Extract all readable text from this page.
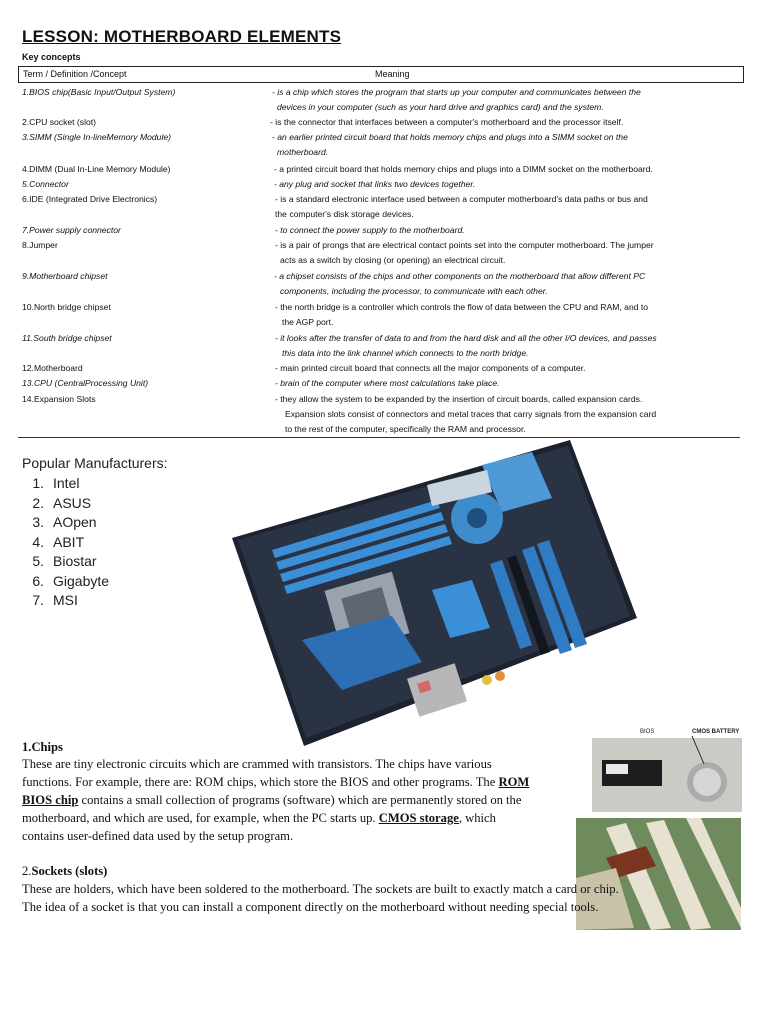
LESSON: MOTHERBOARD ELEMENTS
Key concepts
Term / Definition /Concept	Meaning
1.BIOS chip(Basic Input/Output System)	- is a chip which stores the program that starts up your computer and communicates between the
devices in your computer (such as your hard drive and graphics card) and the system.
2.CPU socket (slot)	- is the connector that interfaces between a computer's motherboard and the processor itself.
3.SIMM (Single In-lineMemory Module)	- an earlier printed circuit board that holds memory chips and plugs into a SIMM socket on the
motherboard.
4.DIMM (Dual In-Line Memory Module)	- a printed circuit board that holds memory chips and plugs into a DIMM socket on the motherboard.
5.Connector	- any plug and socket that links two devices together.
6.IDE (Integrated Drive Electronics)	- is a standard electronic interface used between a computer motherboard's data paths or bus and
the computer's disk storage devices.
7.Power supply connector	- to connect the power supply to the motherboard.
8.Jumper	- is a pair of prongs that are electrical contact points set into the computer motherboard. The jumper
acts as a switch by closing (or opening) an electrical circuit.
9.Motherboard chipset	- a chipset consists of the chips and other components on the motherboard that allow different PC
components, including the processor, to communicate with each other.
10.North bridge chipset	- the north bridge is a controller which controls the flow of data between the CPU and RAM, and to
the AGP port.
11.South bridge chipset	- it looks after the transfer of data to and from the hard disk and all the other I/O devices, and passes
this data into the link channel which connects to the north bridge.
12.Motherboard	- main printed circuit board that connects all the major components of a computer.
13.CPU (CentralProcessing Unit)	- brain of the computer where most calculations take place.
14.Expansion Slots	- they allow the system to be expanded by the insertion of circuit boards, called expansion cards.
Expansion slots consist of connectors and metal traces that carry signals from the expansion card
to the rest of the computer, specifically the RAM and processor.
Popular Manufacturers:
1. Intel
2. ASUS
3. AOpen
4. ABIT
5. Biostar
6. Gigabyte
7. MSI
BIOS	CMOS BATTERY
1.Chips
These are tiny electronic circuits which are crammed with transistors. The chips have various
functions. For example, there are: ROM chips, which store the BIOS and other programs. The ROM
BIOS chip contains a small collection of programs (software) which are permanently stored on the
motherboard, and which are used, for example, when the PC starts up. CMOS storage, which
contains user-defined data used by the setup program.
2.Sockets (slots)
These are holders, which have been soldered to the motherboard. The sockets are built to exactly match a card or chip.
The idea of a socket is that you can install a component directly on the motherboard without needing special tools.
